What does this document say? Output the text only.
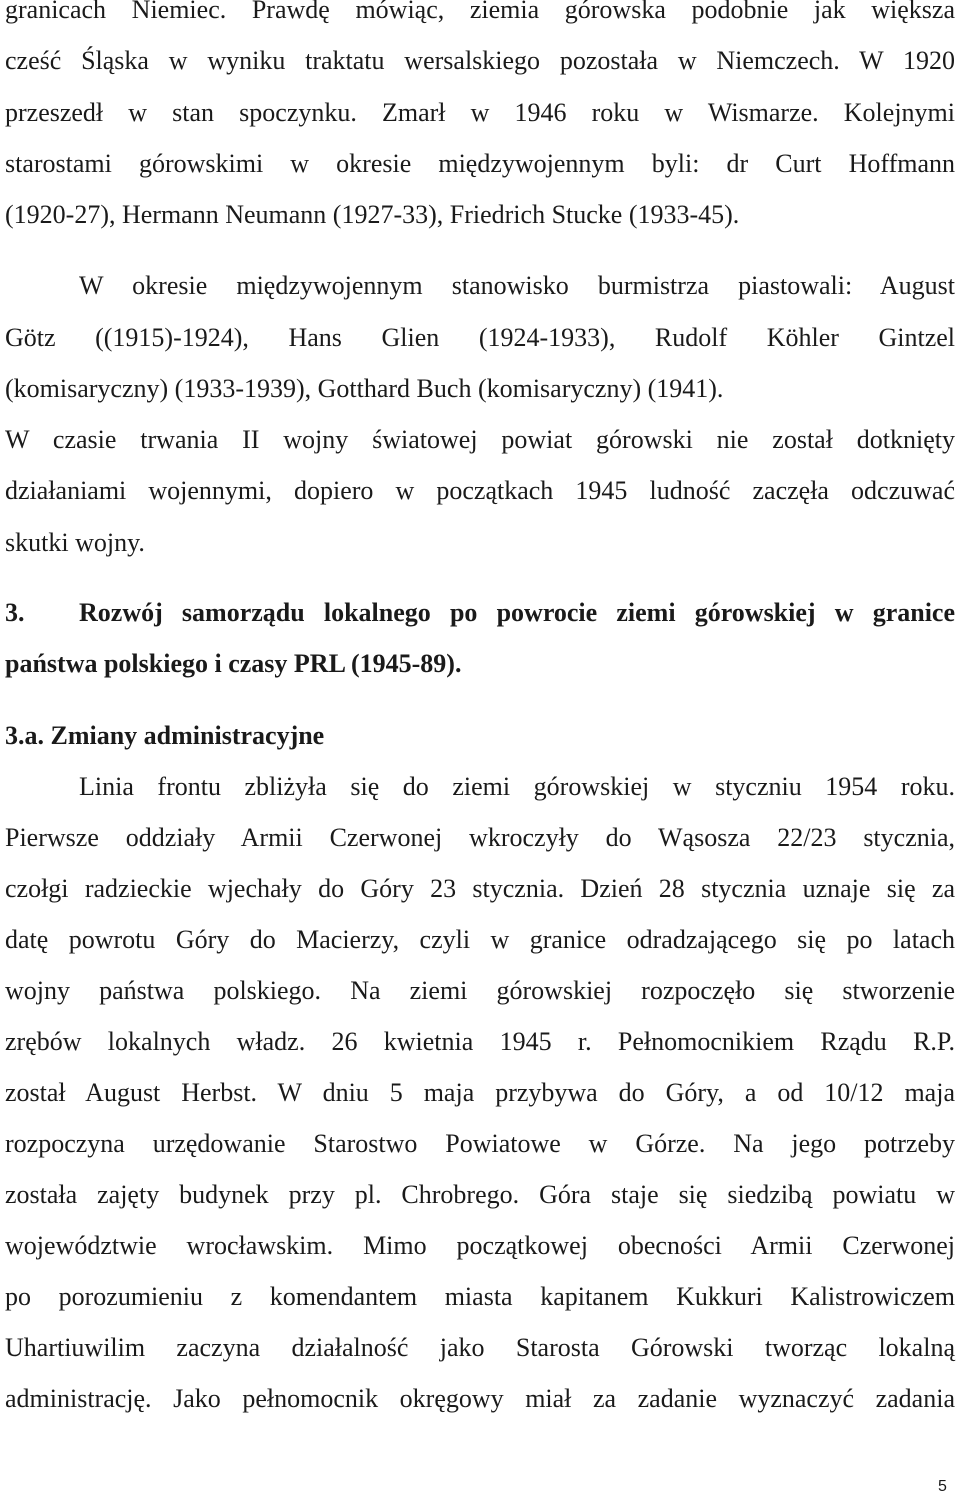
granicach Niemiec. Prawdę mówiąc, ziemia górowska podobnie jak większa
cześć Śląska w wyniku traktatu wersalskiego pozostała w Niemczech. W 1920
przeszedł w stan spoczynku. Zmarł w 1946 roku w Wismarze. Kolejnymi
starostami górowskimi w okresie międzywojennym byli: dr Curt Hoffmann
(1920-27), Hermann Neumann (1927-33), Friedrich Stucke (1933-45).
W okresie międzywojennym stanowisko burmistrza piastowali: August
Götz ((1915)-1924), Hans Glien (1924-1933), Rudolf Köhler Gintzel
(komisaryczny) (1933-1939), Gotthard Buch (komisaryczny) (1941).
W czasie trwania II wojny światowej powiat górowski nie został dotknięty
działaniami wojennymi, dopiero w początkach 1945 ludność zaczęła odczuwać
skutki wojny.
3.	Rozwój samorządu lokalnego po powrocie ziemi górowskiej w granice
państwa polskiego i czasy PRL (1945-89).
3.a. Zmiany administracyjne
Linia frontu zbliżyła się do ziemi górowskiej w styczniu 1954 roku.
Pierwsze oddziały Armii Czerwonej wkroczyły do Wąsosza 22/23 stycznia,
czołgi radzieckie wjechały do Góry 23 stycznia. Dzień 28 stycznia uznaje się za
datę powrotu Góry do Macierzy, czyli w granice odradzającego się po latach
wojny państwa polskiego. Na ziemi górowskiej rozpoczęło się stworzenie
zrębów lokalnych władz. 26 kwietnia 1945 r. Pełnomocnikiem Rządu R.P.
został August Herbst. W dniu 5 maja przybywa do Góry, a od 10/12 maja
rozpoczyna urzędowanie Starostwo Powiatowe w Górze. Na jego potrzeby
została zajęty budynek przy pl. Chrobrego. Góra staje się siedzibą powiatu w
województwie wrocławskim. Mimo początkowej obecności Armii Czerwonej
po porozumieniu z komendantem miasta kapitanem Kukkuri Kalistrowiczem
Uhartiuwilim zaczyna działalność jako Starosta Górowski tworząc lokalną
administrację. Jako pełnomocnik okręgowy miał za zadanie wyznaczyć zadania
5
